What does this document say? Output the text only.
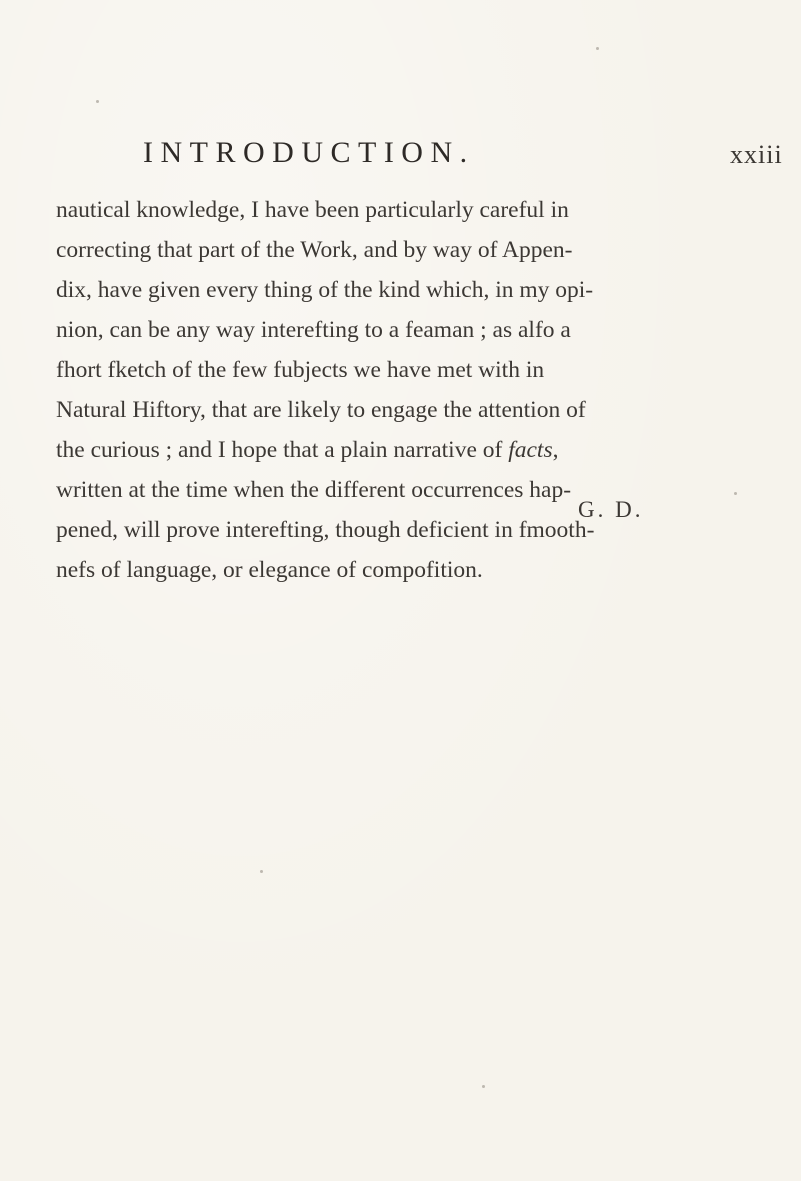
INTRODUCTION.	xxiii
nautical knowledge, I have been particularly careful in
correcting that part of the Work, and by way of Appen-
dix, have given every thing of the kind which, in my opi-
nion, can be any way interefting to a feaman ; as alfo a
fhort fketch of the few fubjects we have met with in
Natural Hiftory, that are likely to engage the attention of
the curious ; and I hope that a plain narrative of facts,
written at the time when the different occurrences hap-
pened, will prove interefting, though deficient in fmooth-
nefs of language, or elegance of compofition.
G. D.
